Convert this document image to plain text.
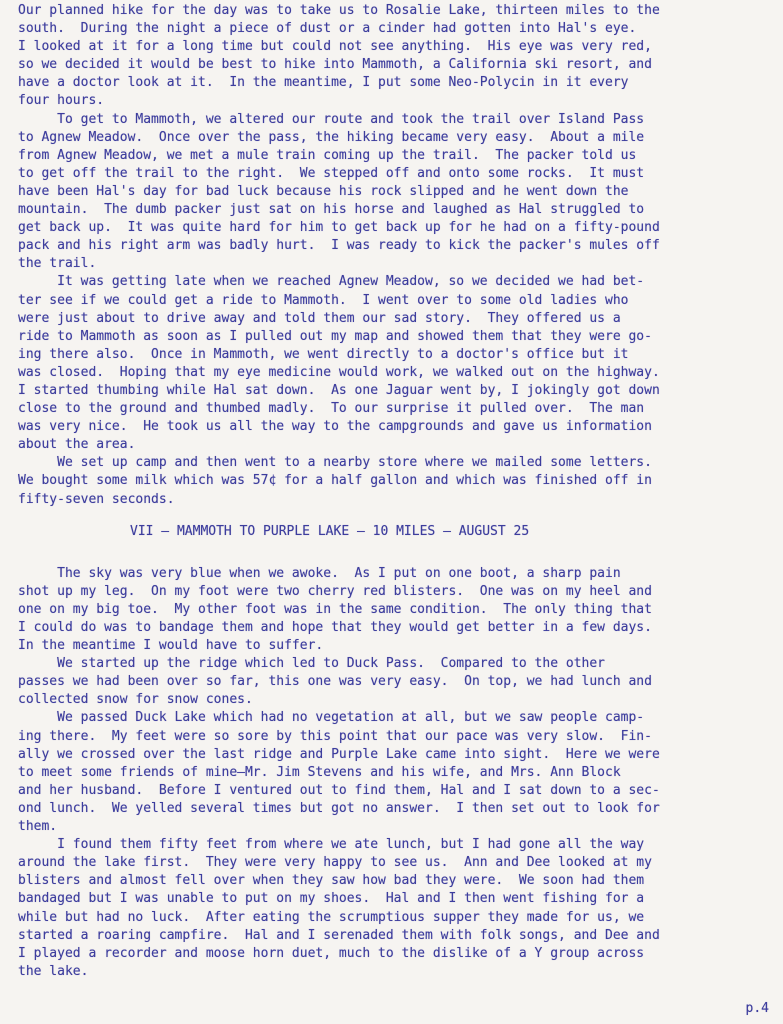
Our planned hike for the day was to take us to Rosalie Lake, thirteen miles to the
south.  During the night a piece of dust or a cinder had gotten into Hal's eye.
I looked at it for a long time but could not see anything.  His eye was very red,
so we decided it would be best to hike into Mammoth, a California ski resort, and
have a doctor look at it.  In the meantime, I put some Neo-Polycin in it every
four hours.
To get to Mammoth, we altered our route and took the trail over Island Pass
to Agnew Meadow.  Once over the pass, the hiking became very easy.  About a mile
from Agnew Meadow, we met a mule train coming up the trail.  The packer told us
to get off the trail to the right.  We stepped off and onto some rocks.  It must
have been Hal's day for bad luck because his rock slipped and he went down the
mountain.  The dumb packer just sat on his horse and laughed as Hal struggled to
get back up.  It was quite hard for him to get back up for he had on a fifty-pound
pack and his right arm was badly hurt.  I was ready to kick the packer's mules off
the trail.
It was getting late when we reached Agnew Meadow, so we decided we had bet-
ter see if we could get a ride to Mammoth.  I went over to some old ladies who
were just about to drive away and told them our sad story.  They offered us a
ride to Mammoth as soon as I pulled out my map and showed them that they were go-
ing there also.  Once in Mammoth, we went directly to a doctor's office but it
was closed.  Hoping that my eye medicine would work, we walked out on the highway.
I started thumbing while Hal sat down.  As one Jaguar went by, I jokingly got down
close to the ground and thumbed madly.  To our surprise it pulled over.  The man
was very nice.  He took us all the way to the campgrounds and gave us information
about the area.
We set up camp and then went to a nearby store where we mailed some letters.
We bought some milk which was 57¢ for a half gallon and which was finished off in
fifty-seven seconds.
VII — MAMMOTH TO PURPLE LAKE — 10 MILES — AUGUST 25
The sky was very blue when we awoke.  As I put on one boot, a sharp pain
shot up my leg.  On my foot were two cherry red blisters.  One was on my heel and
one on my big toe.  My other foot was in the same condition.  The only thing that
I could do was to bandage them and hope that they would get better in a few days.
In the meantime I would have to suffer.
We started up the ridge which led to Duck Pass.  Compared to the other
passes we had been over so far, this one was very easy.  On top, we had lunch and
collected snow for snow cones.
We passed Duck Lake which had no vegetation at all, but we saw people camp-
ing there.  My feet were so sore by this point that our pace was very slow.  Fin-
ally we crossed over the last ridge and Purple Lake came into sight.  Here we were
to meet some friends of mine—Mr. Jim Stevens and his wife, and Mrs. Ann Block
and her husband.  Before I ventured out to find them, Hal and I sat down to a sec-
ond lunch.  We yelled several times but got no answer.  I then set out to look for
them.
I found them fifty feet from where we ate lunch, but I had gone all the way
around the lake first.  They were very happy to see us.  Ann and Dee looked at my
blisters and almost fell over when they saw how bad they were.  We soon had them
bandaged but I was unable to put on my shoes.  Hal and I then went fishing for a
while but had no luck.  After eating the scrumptious supper they made for us, we
started a roaring campfire.  Hal and I serenaded them with folk songs, and Dee and
I played a recorder and moose horn duet, much to the dislike of a Y group across
the lake.
p.4
